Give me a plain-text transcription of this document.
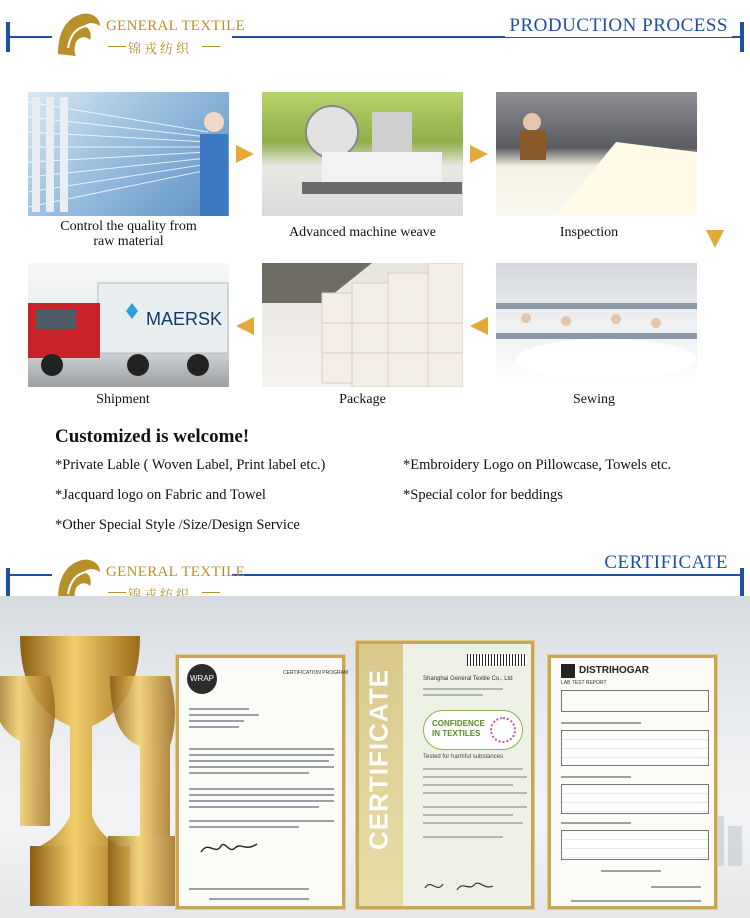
PRODUCTION PROCESS
GENERAL TEXTILE
锦戎纺织
Control the quality from
raw material
Advanced machine weave	Inspection
MAERSK
Shipment	Package	Sewing
Customized is welcome!
*Private Lable ( Woven Label, Print label etc.)	*Embroidery Logo on Pillowcase, Towels etc.
*Jacquard logo on Fabric and Towel	*Special color for beddings
*Other Special Style /Size/Design Service
CERTIFICATE
GENERAL TEXTILE
WRAP
CERTIFICATION PROGRAM CERTIFICATE	Shanghai General Textile Co., Ltd
CONFIDENCE
IN TEXTILES
Tested for harmful substances
DISTRIHOGAR
LAB TEST REPORT
